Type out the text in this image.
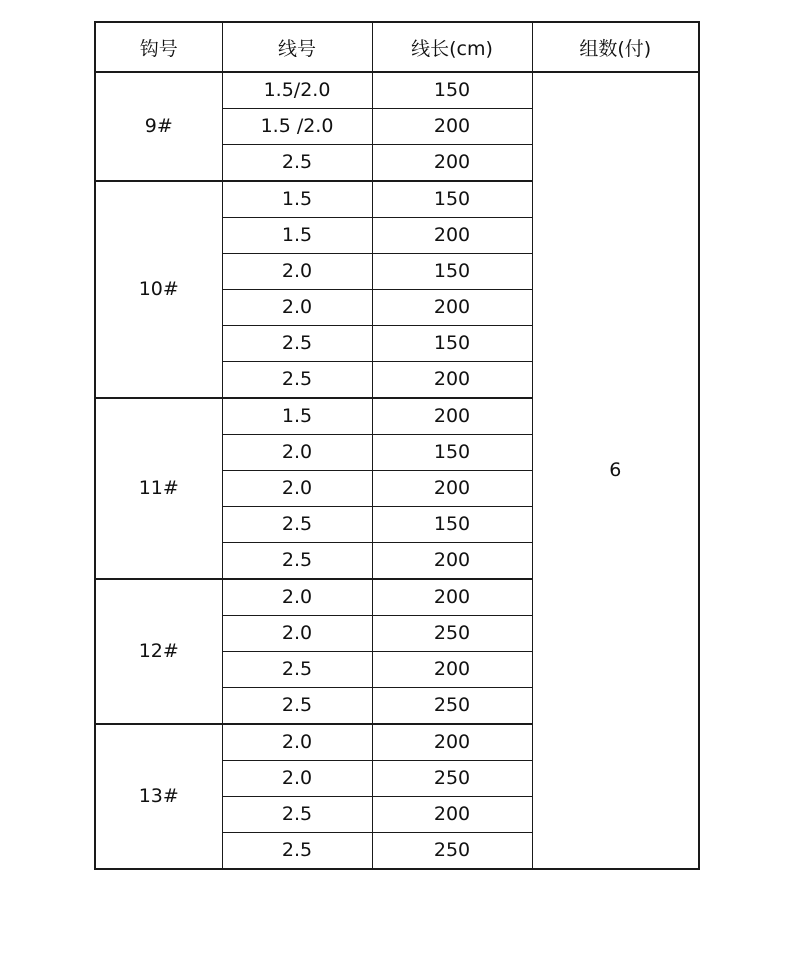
钩号	线号	线长(cm)	组数(付)
9#	1.5/2.0	150	6
	1.5 /2.0	200	
	2.5	200	
10#	1.5	150	
	1.5	200	
	2.0	150	
	2.0	200	
	2.5	150	
	2.5	200	
11#	1.5	200	
	2.0	150	
	2.0	200	
	2.5	150	
	2.5	200	
12#	2.0	200	
	2.0	250	
	2.5	200	
	2.5	250	
13#	2.0	200	
	2.0	250	
	2.5	200	
	2.5	250	
